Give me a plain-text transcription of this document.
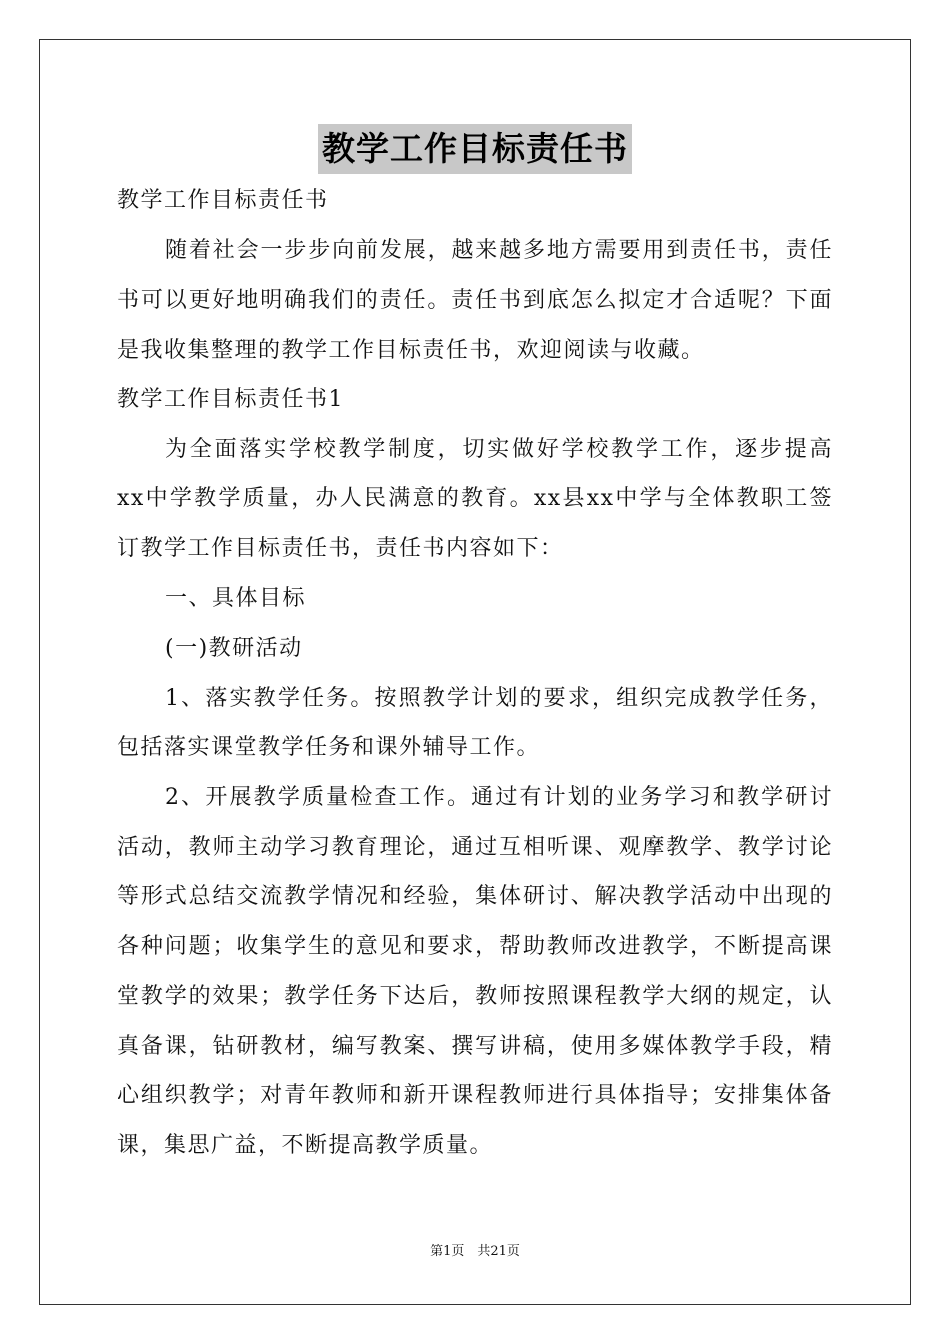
教学工作目标责任书
教学工作目标责任书
随着社会一步步向前发展，越来越多地方需要用到责任书，责任
书可以更好地明确我们的责任。责任书到底怎么拟定才合适呢？下面
是我收集整理的教学工作目标责任书，欢迎阅读与收藏。
教学工作目标责任书1
为全面落实学校教学制度，切实做好学校教学工作，逐步提高
xx中学教学质量，办人民满意的教育。xx县xx中学与全体教职工签
订教学工作目标责任书，责任书内容如下：
一、具体目标
(一)教研活动
1、落实教学任务。按照教学计划的要求，组织完成教学任务，
包括落实课堂教学任务和课外辅导工作。
2、开展教学质量检查工作。通过有计划的业务学习和教学研讨
活动，教师主动学习教育理论，通过互相听课、观摩教学、教学讨论
等形式总结交流教学情况和经验，集体研讨、解决教学活动中出现的
各种问题；收集学生的意见和要求，帮助教师改进教学，不断提高课
堂教学的效果；教学任务下达后，教师按照课程教学大纲的规定，认
真备课，钻研教材，编写教案、撰写讲稿，使用多媒体教学手段，精
心组织教学；对青年教师和新开课程教师进行具体指导；安排集体备
课，集思广益，不断提高教学质量。
第1页　共21页
